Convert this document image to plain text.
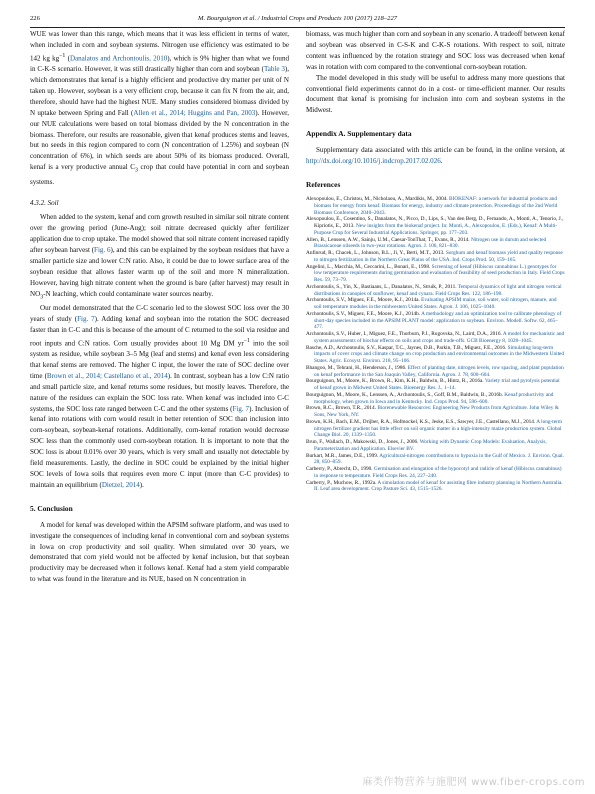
226	M. Bourguignon et al. / Industrial Crops and Products 100 (2017) 218–227

WUE was lower than this range, which means that it was less efficient in terms of water, when included in corn and soybean systems. Nitrogen use efficiency was estimated to be 142 kg $kg^{-1}$ (Danalatos and Archontoulis, 2010), which is 9% higher than what we found in C-K-S scenario. However, it was still drastically higher than corn and soybean (Table 3), which demonstrates that kenaf is a highly efficient and productive dry matter per unit of N taken up. However, soybean is a very efficient crop, because it can fix N from the air, and, therefore, should have had the highest NUE. Many studies considered biomass divided by N uptake between Spring and Fall (Allen et al., 2014; Huggins and Pan, 2003). However, our NUE calculations were based on total biomass divided by the N concentration in the biomass. Therefore, our results are reasonable, given that kenaf produces stems and leaves, but no seeds in this region compared to corn (N concentration of 1.25%) and soybean (N concentration of 6%), in which seeds are about 50% of its biomass produced. Overall, kenaf is a very productive annual $C_3$ crop that could have potential in corn and soybean systems.

4.3.2. Soil

When added to the system, kenaf and corn growth resulted in similar soil nitrate content over the growing period (June-Aug); soil nitrate decreased quickly after fertilizer application due to crop uptake. The model showed that soil nitrate content increased rapidly after soybean harvest (Fig. 6), and this can be explained by the soybean residues that have a smaller particle size and lower C:N ratio. Also, it could be due to lower surface area of the soybean residue that allows faster warm up of the soil and more N mineralization. However, having high nitrate content when the ground is bare (after harvest) may result in $NO_3-N$ leaching, which could contaminate water sources nearby.

Our model demonstrated that the C-C scenario led to the slowest SOC loss over the 30 years of study (Fig. 7). Adding kenaf and soybean into the rotation the SOC decreased faster than in C-C and this is because of the amount of C returned to the soil via residue and root inputs and C:N ratios. Corn usually provides about 10 Mg DM $yr^{-1}$ into the soil system as residue, while soybean 3–5 Mg (leaf and stems) and kenaf even less considering that kenaf stems are removed. The higher C input, the lower the rate of SOC decline over time (Brown et al., 2014; Castellano et al., 2014). In contrast, soybean has a low C:N ratio and small particle size, and kenaf returns some residues, but mostly leaves. Therefore, the nature of the residues can explain the SOC loss rate. When kenaf was included into C-C systems, the SOC loss rate ranged between C-C and the other systems (Fig. 7). Inclusion of kenaf into rotations with corn would result in better retention of SOC than inclusion into corn-soybean, soybean-kenaf rotations. Additionally, corn-kenaf rotation would decrease SOC less than the commonly used corn-soybean rotation. It is important to note that the SOC loss is about 0.01% over 30 years, which is very small and usually not detectable by field measurements. Lastly, the decline in SOC could be explained by the initial higher SOC levels of Iowa soils that requires even more C input (more than C-C provides) to maintain an equilibrium (Dietzel, 2014).

5. Conclusion

A model for kenaf was developed within the APSIM software platform, and was used to investigate the consequences of including kenaf in conventional corn and soybean systems in Iowa on crop productivity and soil quality. When simulated over 30 years, we demonstrated that corn yield would not be affected by kenaf inclusion, but that soybean productivity may be decreased when it follows kenaf. Kenaf had a stem yield comparable to what was found in the literature and its NUE, based on N concentration in

biomass, was much higher than corn and soybean in any scenario. A tradeoff between kenaf and soybean was observed in C-S-K and C-K-S rotations. With respect to soil, nitrate content was influenced by the rotation strategy and SOC loss was decreased when kenaf was in rotation with corn compared to the conventional corn-soybean rotation.

The model developed in this study will be useful to address many more questions that conventional field experiments cannot do in a cost- or time-efficient manner. Our results document that kenaf is promising for inclusion into corn and soybean systems in the Midwest.

Appendix A. Supplementary data

Supplementary data associated with this article can be found, in the online version, at http://dx.doi.org/10.1016/j.indcrop.2017.02.026.

References
Alexopoulou, E., Christou, M., Nicholaou, A., Mardikis, M., 2004. BIOKENAF: a network for industrial products and biomass for energy from kenaf. Biomass for energy, industry and climate protection. Proceedings of the 2nd World Biomass Conference, 2040–2043.
Alexopoulou, E., Cosentino, S., Danalatos, N., Picco, D., Lips, S., Van den Berg, D., Fernando, A., Monti, A., Tenorio, J., Kipriotis, E., 2013. New insights from the biokenaf project. In: Monti, A., Alexopoulou, E. (Eds.), Kenaf: A Multi-Purpose Crop for Several Industrial Applications. Springer, pp. 177–203.
Allen, B., Lenssen, A.W., Sainju, U.M., Caesar-TonThat, T., Evans, R., 2014. Nitrogen use in durum and selected Brassicaceae oilseeds in two-year rotations. Agron. J. 106, 821–830.
Anfinrud, R., Chacek, L., Johnson, B.L., Ji, Y., Berti, M.T., 2013. Sorghum and kenaf biomass yield and quality response to nitrogen fertilization in the Northern Great Plains of the USA. Ind. Crops Prod. 50, 159–165.
Angelini, L., Macchia, M., Ceccarini, L., Bonari, E., 1998. Screening of kenaf (Hibiscus cannabinus L.) genotypes for low temperature requirements during germination and evaluation of feasibility of seed production in Italy. Field Crops Res. 59, 73–79.
Archontoulis, S., Yin, X., Bastiaans, L., Danalatos, N., Struik, P., 2011. Temporal dynamics of light and nitrogen vertical distributions in canopies of sunflower, kenaf and cynara. Field Crops Res. 122, 186–198.
Archontoulis, S.V., Miguez, F.E., Moore, K.J., 2014a. Evaluating APSIM maize, soil water, soil nitrogen, manure, and soil temperature modules in the midwestern United States. Agron. J. 106, 1025–1040.
Archontoulis, S.V., Miguez, F.E., Moore, K.J., 2014b. A methodology and an optimization tool to calibrate phenology of short-day species included in the APSIM PLANT model: application to soybean. Environ. Modell. Softw. 62, 465–477.
Archontoulis, S.V., Huber, I., Miguez, F.E., Thorburn, P.J., Rogovska, N., Laird, D.A., 2016. A model for mechanistic and system assessments of biochar effects on soils and crops and trade-offs. GCB Bioenergy 8, 1028–1045.
Basche, A.D., Archontoulis, S.V., Kaspar, T.C., Jaynes, D.B., Parkin, T.B., Miguez, F.E., 2016. Simulating long-term impacts of cover crops and climate change on crop production and environmental outcomes in the Midwestern United States. Agric. Ecosyst. Environ. 218, 95–106.
Bhangoo, M., Tehrani, H., Henderson, J., 1986. Effect of planting date, nitrogen levels, row spacing, and plant population on kenaf performance in the San Joaquin Valley, California. Agron. J. 78, 600–604.
Bourguignon, M., Moore, K., Brown, R., Kim, K.H., Baldwin, B., Hintz, R., 2016a. Variety trial and pyrolysis potential of kenaf grown in Midwest United States. Bioenergy Res. J., 1–14.
Bourguignon, M., Moore, K., Lenssen, A., Archontoulis, S., Goff, B.M., Baldwin, B., 2016b. Kenaf productivity and morphology, when grown in Iowa and in Kentucky. Ind. Crops Prod. 94, 596–600.
Brown, R.C., Brown, T.R., 2014. Biorenewable Resources: Engineering New Products from Agriculture. John Wiley & Sons, New York, NY.
Brown, K.H., Bach, E.M., Drijber, R.A., Hofmockel, K.S., Jeske, E.S., Sawyer, J.E., Castellano, M.J., 2014. A long-term nitrogen fertilizer gradient has little effect on soil organic matter in a high-intensity maize production system. Global Change Biol. 20, 1339–1350.
Brun, F., Wallach, D., Makowski, D., Jones, J., 2006. Working with Dynamic Crop Models: Evaluation, Analysis, Parameterization and Application. Elsevier BV.
Burkart, M.R., James, D.E., 1999. Agricultural-nitrogen contributions to hypoxia in the Gulf of Mexico. J. Environ. Qual. 28, 850–859.
Carberry, P., Abrecht, D., 1990. Germination and elongation of the hypocotyl and radicle of kenaf (Hibiscus cannabinus) in response to temperature. Field Crops Res. 24, 227–240.
Carberry, P., Muchow, R., 1992a. A simulation model of kenaf for assisting fibre industry planning in Northern Australia. II. Leaf area development. Crop Pasture Sci. 43, 1515–1526.
麻类作物营养与施肥网 www.fiber-crops.com
